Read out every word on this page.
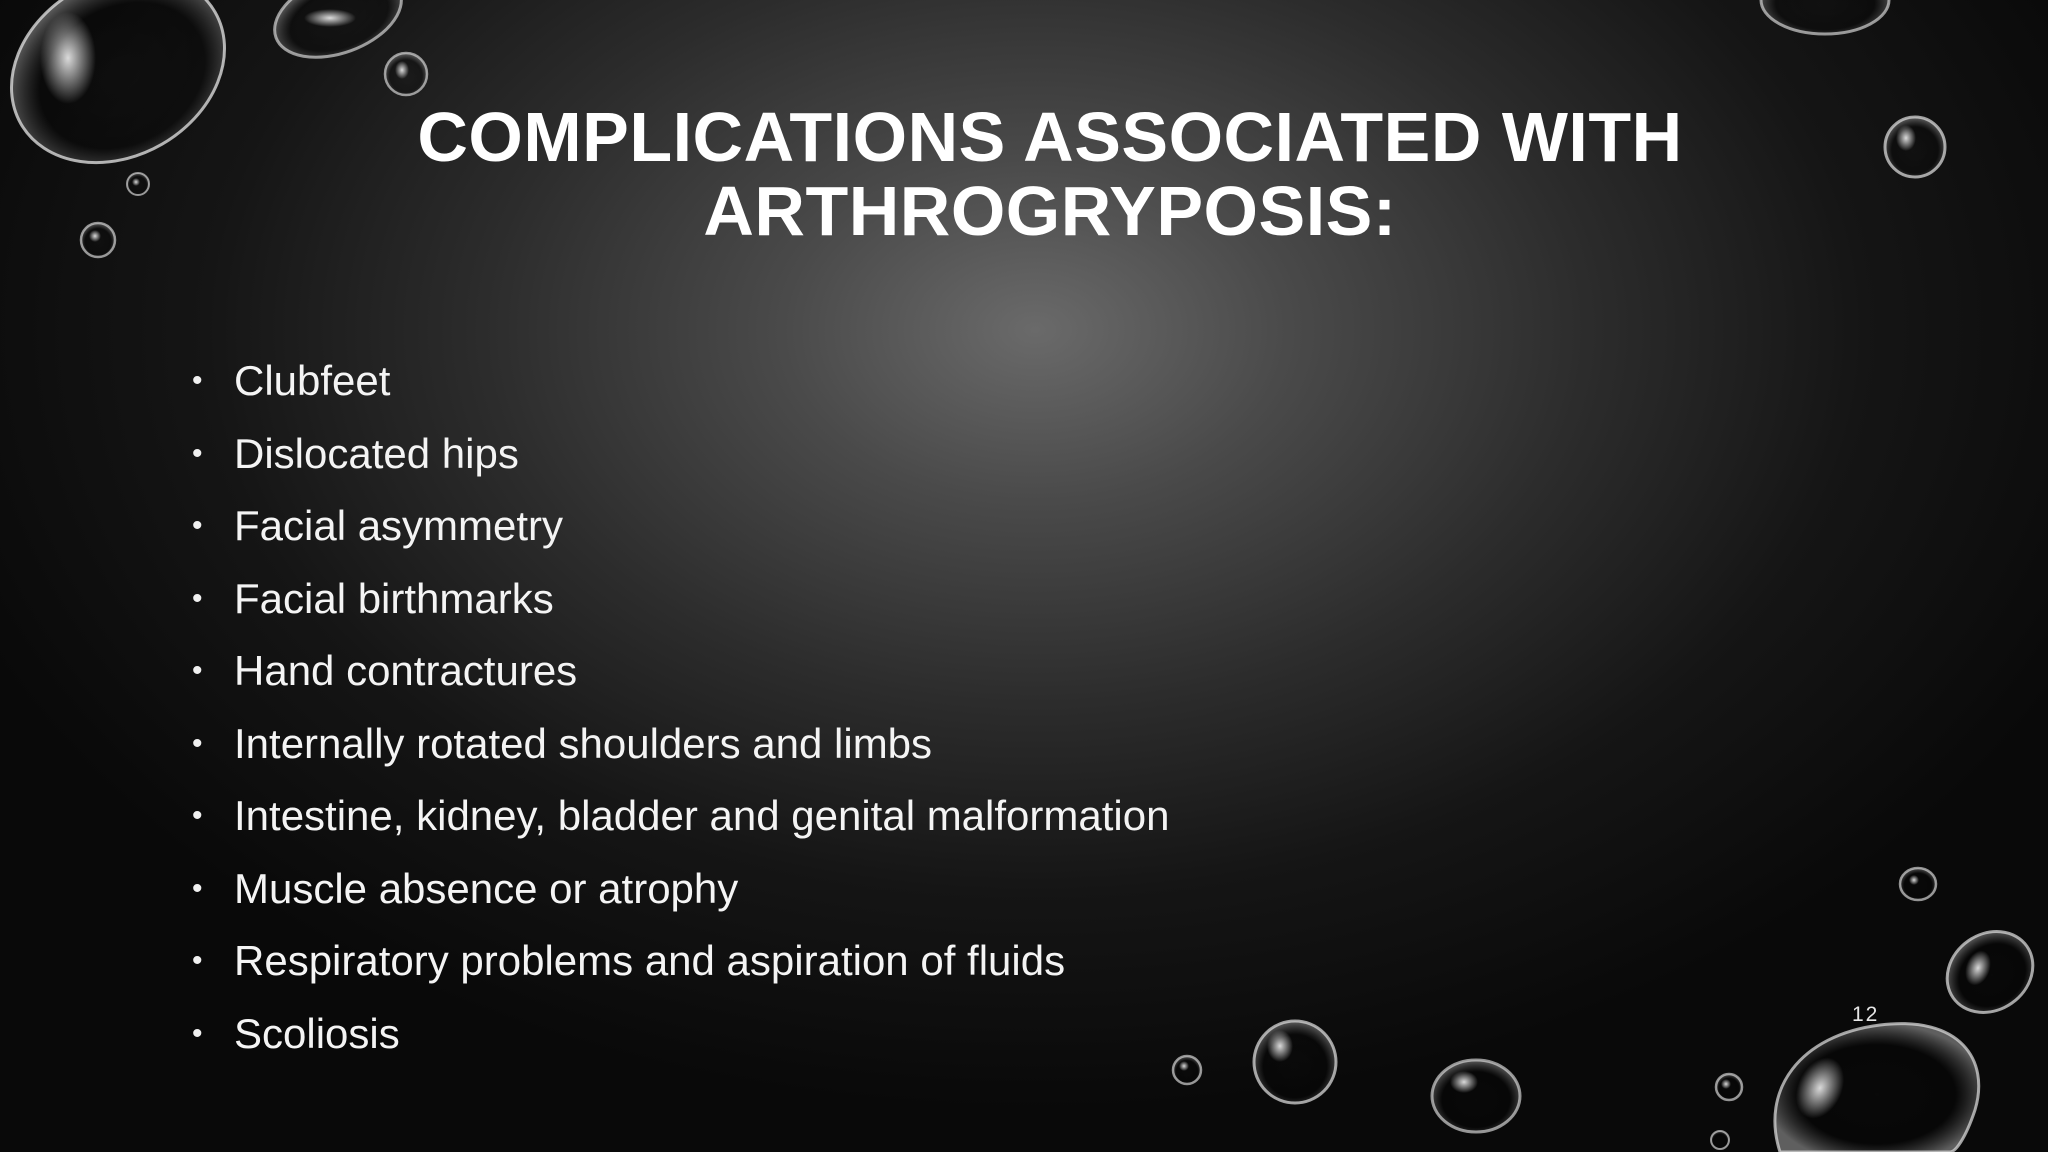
COMPLICATIONS ASSOCIATED WITH
ARTHROGRYPOSIS:
• Clubfeet
• Dislocated hips
• Facial asymmetry
• Facial birthmarks
• Hand contractures
• Internally rotated shoulders and limbs
• Intestine, kidney, bladder and genital malformation
• Muscle absence or atrophy
• Respiratory problems and aspiration of fluids
• Scoliosis	12
